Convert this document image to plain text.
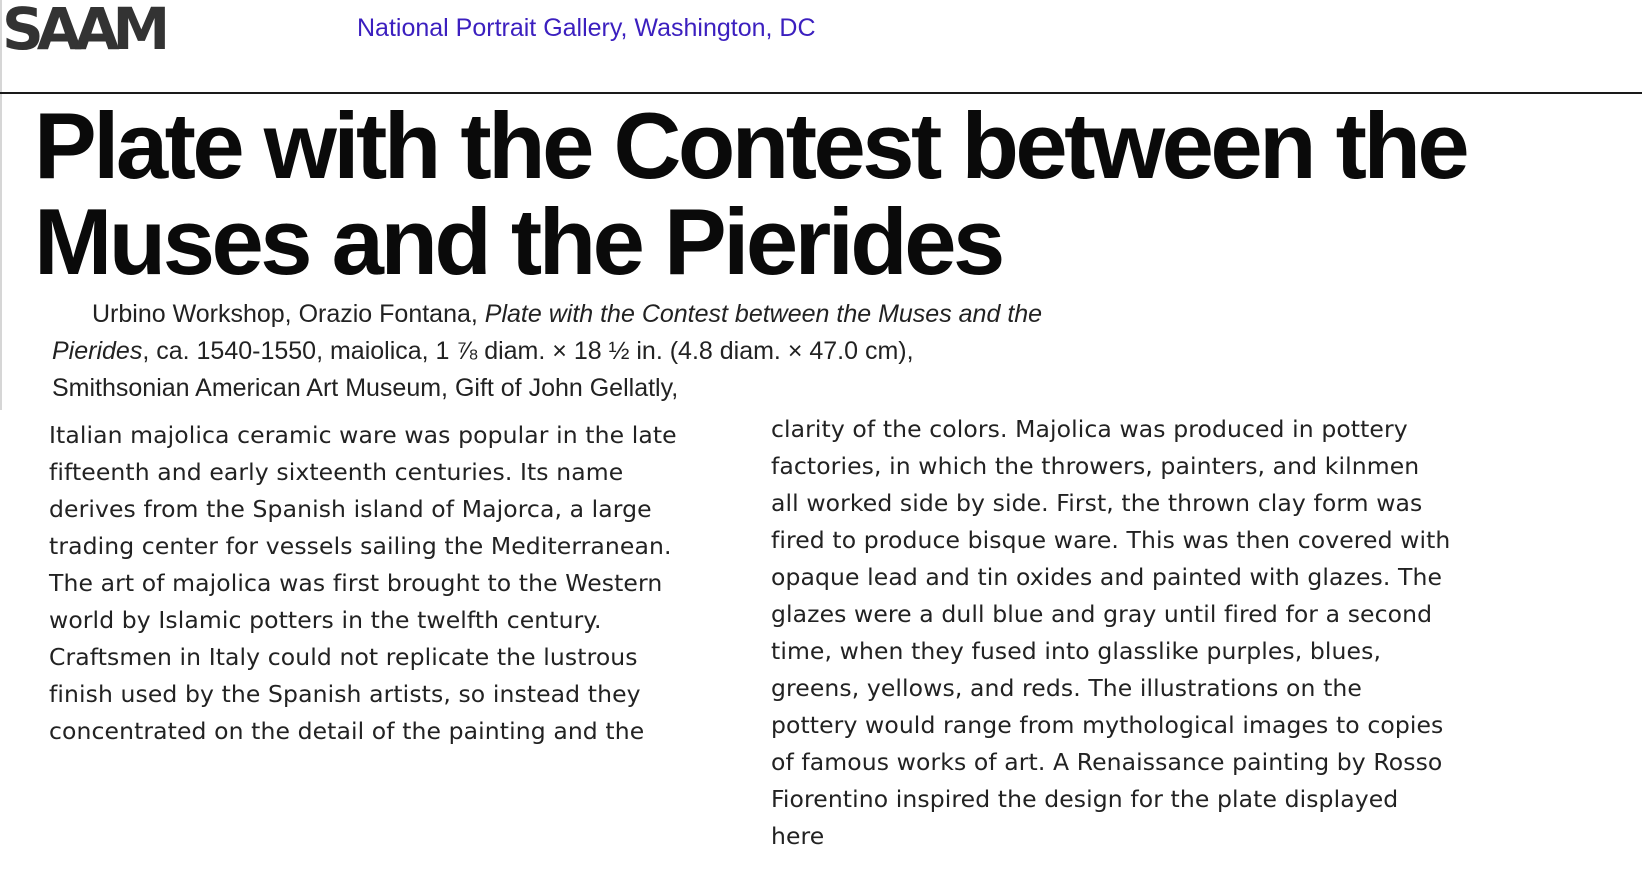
SAAM	National Portrait Gallery, Washington, DC
Plate with the Contest between the Muses and the Pierides

Urbino Workshop, Orazio Fontana, Plate with the Contest between the Muses and the Pierides, ca. 1540-1550, maiolica, 1 ⅞ diam. × 18 ½ in. (4.8 diam. × 47.0 cm), Smithsonian American Art Museum, Gift of John Gellatly,

Italian majolica ceramic ware was popular in the late fifteenth and early sixteenth centuries. Its name derives from the Spanish island of Majorca, a large trading center for vessels sailing the Mediterranean. The art of majolica was first brought to the Western world by Islamic potters in the twelfth century. Craftsmen in Italy could not replicate the lustrous finish used by the Spanish artists, so instead they concentrated on the detail of the painting and the

clarity of the colors. Majolica was produced in pottery factories, in which the throwers, painters, and kilnmen all worked side by side. First, the thrown clay form was fired to produce bisque ware. This was then covered with opaque lead and tin oxides and painted with glazes. The glazes were a dull blue and gray until fired for a second time, when they fused into glasslike purples, blues, greens, yellows, and reds. The illustrations on the pottery would range from mythological images to copies of famous works of art. A Renaissance painting by Rosso Fiorentino inspired the design for the plate displayed here
